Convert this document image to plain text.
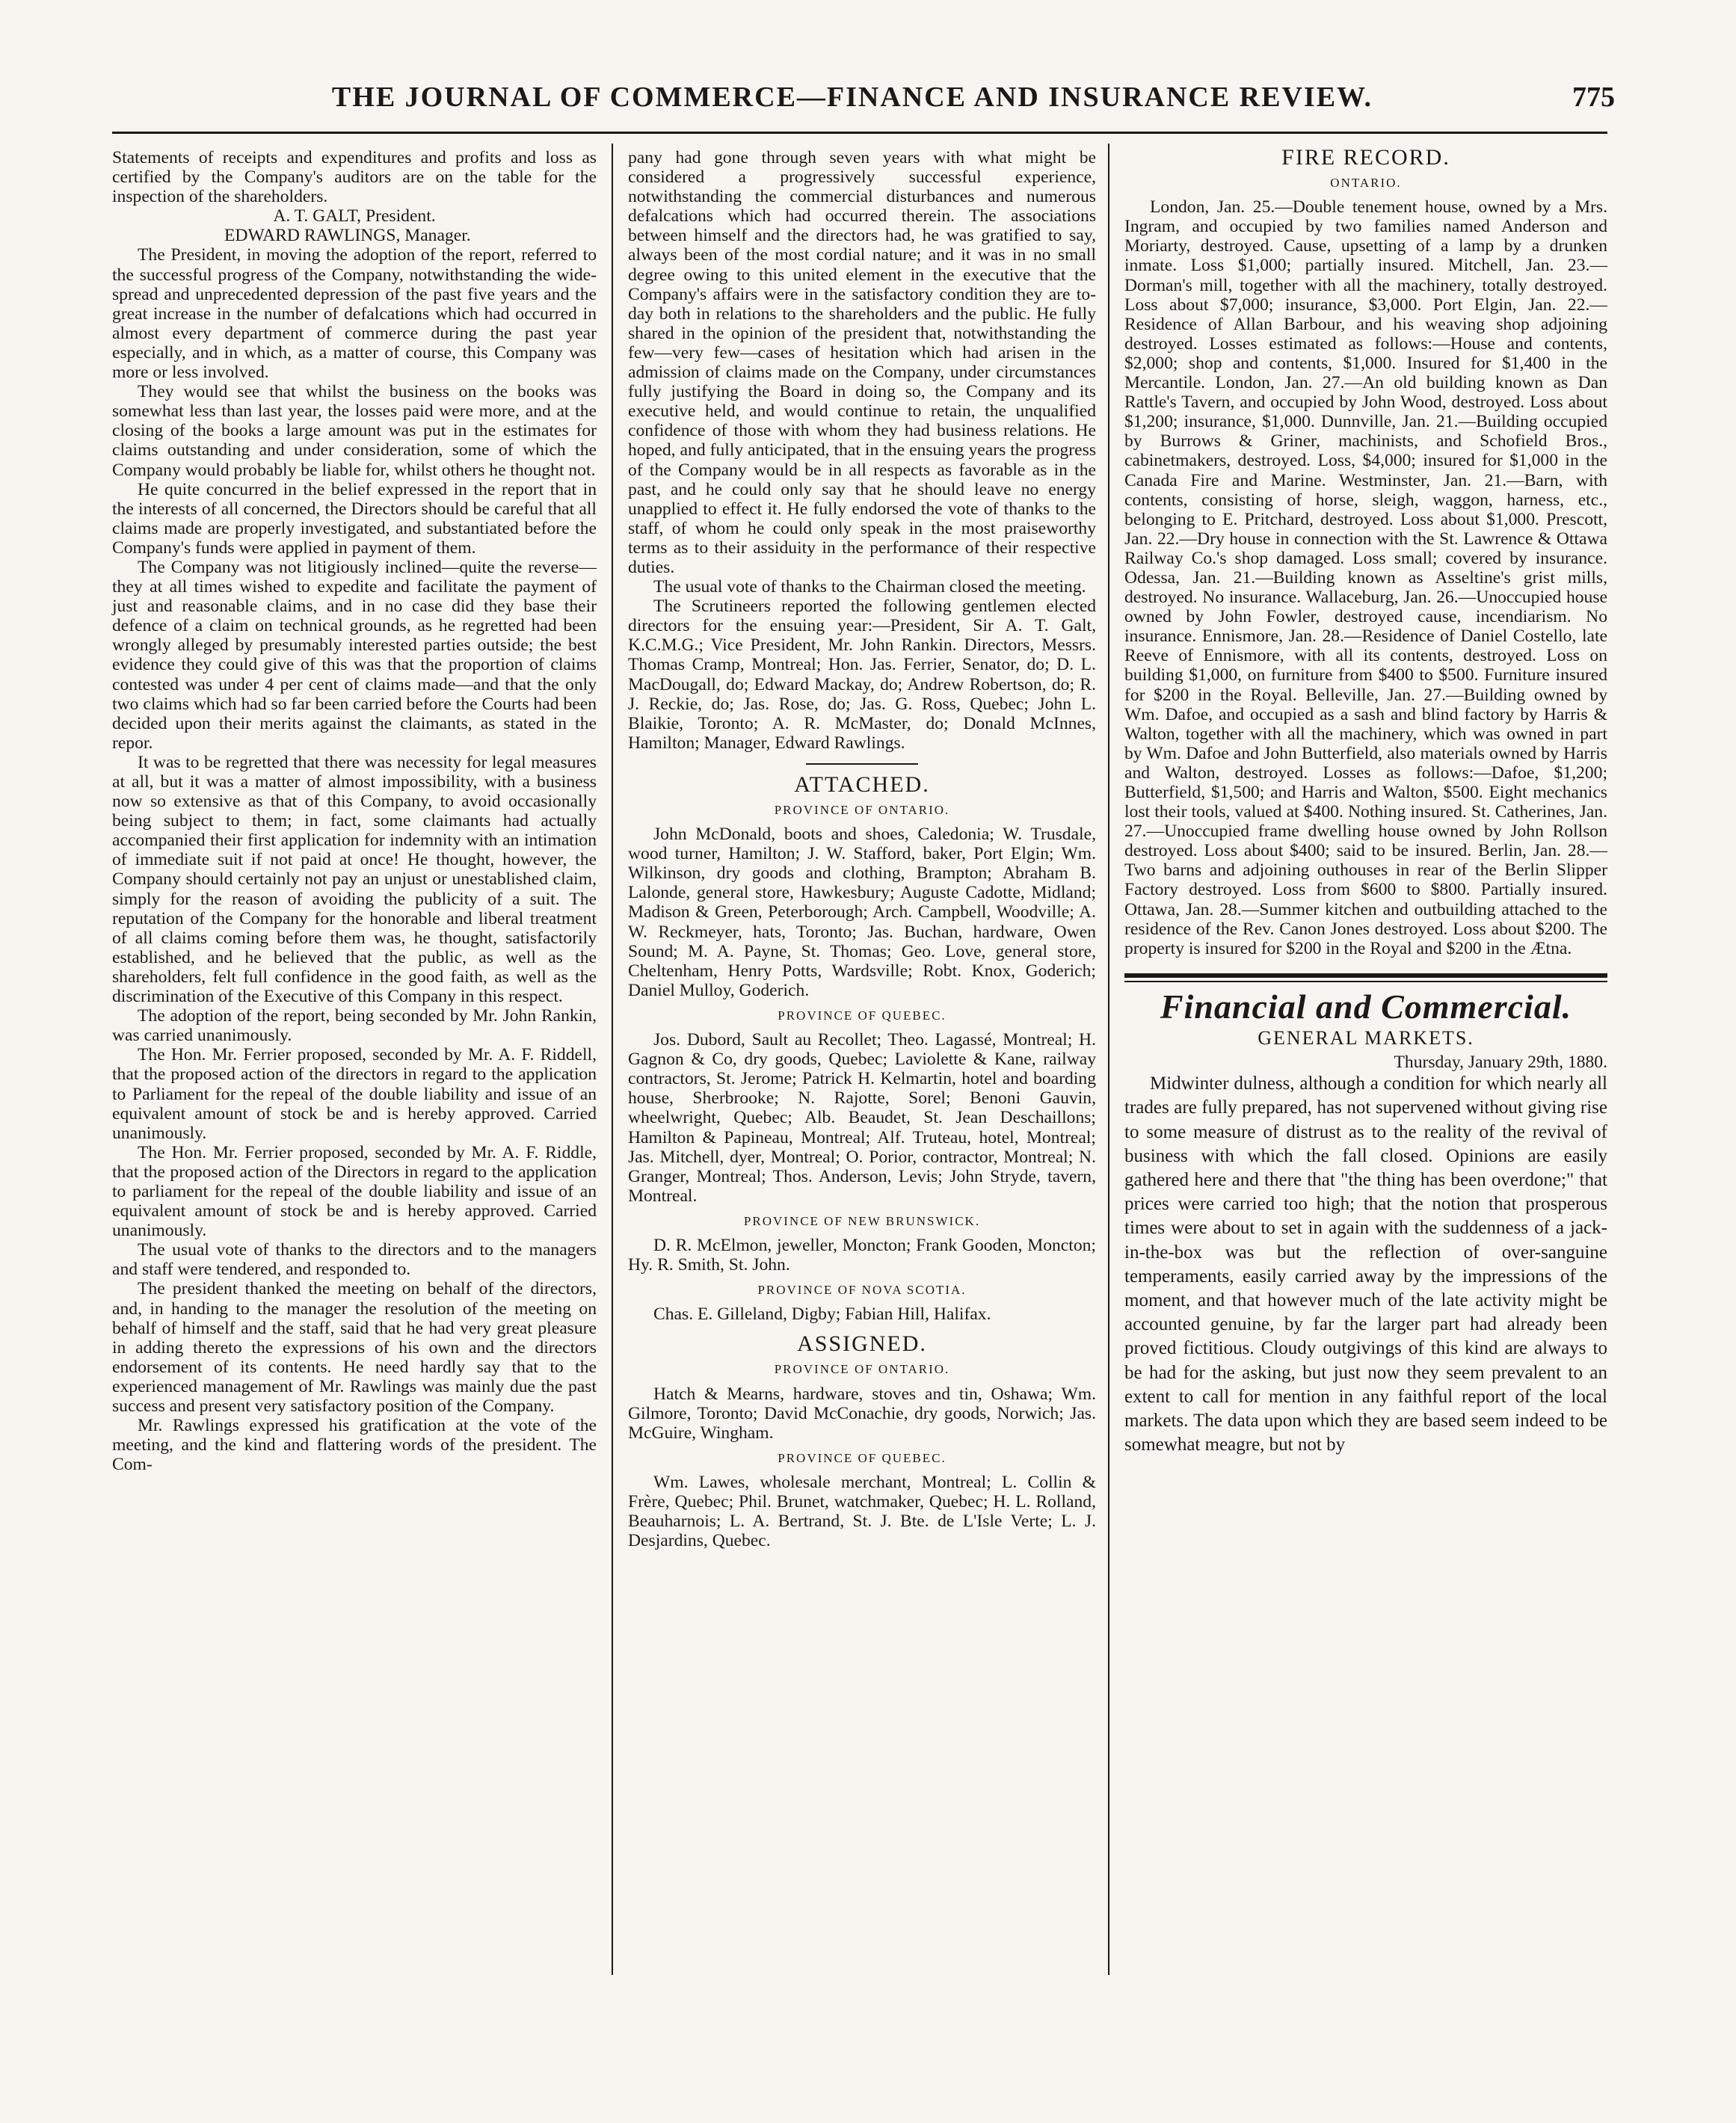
THE JOURNAL OF COMMERCE—FINANCE AND INSURANCE REVIEW.	775

Statements of receipts and expenditures and profits and loss as certified by the Company's auditors are on the table for the inspection of the shareholders.

A. T. GALT, President.

EDWARD RAWLINGS, Manager.

The President, in moving the adoption of the report, referred to the successful progress of the Company, notwithstanding the wide-spread and unprecedented depression of the past five years and the great increase in the number of defalcations which had occurred in almost every department of commerce during the past year especially, and in which, as a matter of course, this Company was more or less involved.

They would see that whilst the business on the books was somewhat less than last year, the losses paid were more, and at the closing of the books a large amount was put in the estimates for claims outstanding and under consideration, some of which the Company would probably be liable for, whilst others he thought not.

He quite concurred in the belief expressed in the report that in the interests of all concerned, the Directors should be careful that all claims made are properly investigated, and substantiated before the Company's funds were applied in payment of them.

The Company was not litigiously inclined—quite the reverse—they at all times wished to expedite and facilitate the payment of just and reasonable claims, and in no case did they base their defence of a claim on technical grounds, as he regretted had been wrongly alleged by presumably interested parties outside; the best evidence they could give of this was that the proportion of claims contested was under 4 per cent of claims made—and that the only two claims which had so far been carried before the Courts had been decided upon their merits against the claimants, as stated in the repor.

It was to be regretted that there was necessity for legal measures at all, but it was a matter of almost impossibility, with a business now so extensive as that of this Company, to avoid occasionally being subject to them; in fact, some claimants had actually accompanied their first application for indemnity with an intimation of immediate suit if not paid at once! He thought, however, the Company should certainly not pay an unjust or unestablished claim, simply for the reason of avoiding the publicity of a suit. The reputation of the Company for the honorable and liberal treatment of all claims coming before them was, he thought, satisfactorily established, and he believed that the public, as well as the shareholders, felt full confidence in the good faith, as well as the discrimination of the Executive of this Company in this respect.

The adoption of the report, being seconded by Mr. John Rankin, was carried unanimously.

The Hon. Mr. Ferrier proposed, seconded by Mr. A. F. Riddell, that the proposed action of the directors in regard to the application to Parliament for the repeal of the double liability and issue of an equivalent amount of stock be and is hereby approved. Carried unanimously.

The Hon. Mr. Ferrier proposed, seconded by Mr. A. F. Riddle, that the proposed action of the Directors in regard to the application to parliament for the repeal of the double liability and issue of an equivalent amount of stock be and is hereby approved. Carried unanimously.

The usual vote of thanks to the directors and to the managers and staff were tendered, and responded to.

The president thanked the meeting on behalf of the directors, and, in handing to the manager the resolution of the meeting on behalf of himself and the staff, said that he had very great pleasure in adding thereto the expressions of his own and the directors endorsement of its contents. He need hardly say that to the experienced management of Mr. Rawlings was mainly due the past success and present very satisfactory position of the Company.

Mr. Rawlings expressed his gratification at the vote of the meeting, and the kind and flattering words of the president. The Com-

pany had gone through seven years with what might be considered a progressively successful experience, notwithstanding the commercial disturbances and numerous defalcations which had occurred therein. The associations between himself and the directors had, he was gratified to say, always been of the most cordial nature; and it was in no small degree owing to this united element in the executive that the Company's affairs were in the satisfactory condition they are to-day both in relations to the shareholders and the public. He fully shared in the opinion of the president that, notwithstanding the few—very few—cases of hesitation which had arisen in the admission of claims made on the Company, under circumstances fully justifying the Board in doing so, the Company and its executive held, and would continue to retain, the unqualified confidence of those with whom they had business relations. He hoped, and fully anticipated, that in the ensuing years the progress of the Company would be in all respects as favorable as in the past, and he could only say that he should leave no energy unapplied to effect it. He fully endorsed the vote of thanks to the staff, of whom he could only speak in the most praiseworthy terms as to their assiduity in the performance of their respective duties.

The usual vote of thanks to the Chairman closed the meeting.

The Scrutineers reported the following gentlemen elected directors for the ensuing year:—President, Sir A. T. Galt, K.C.M.G.; Vice President, Mr. John Rankin. Directors, Messrs. Thomas Cramp, Montreal; Hon. Jas. Ferrier, Senator, do; D. L. MacDougall, do; Edward Mackay, do; Andrew Robertson, do; R. J. Reckie, do; Jas. Rose, do; Jas. G. Ross, Quebec; John L. Blaikie, Toronto; A. R. McMaster, do; Donald McInnes, Hamilton; Manager, Edward Rawlings.

ATTACHED.
PROVINCE OF ONTARIO.

John McDonald, boots and shoes, Caledonia; W. Trusdale, wood turner, Hamilton; J. W. Stafford, baker, Port Elgin; Wm. Wilkinson, dry goods and clothing, Brampton; Abraham B. Lalonde, general store, Hawkesbury; Auguste Cadotte, Midland; Madison & Green, Peterborough; Arch. Campbell, Woodville; A. W. Reckmeyer, hats, Toronto; Jas. Buchan, hardware, Owen Sound; M. A. Payne, St. Thomas; Geo. Love, general store, Cheltenham, Henry Potts, Wardsville; Robt. Knox, Goderich; Daniel Mulloy, Goderich.

PROVINCE OF QUEBEC.

Jos. Dubord, Sault au Recollet; Theo. Lagassé, Montreal; H. Gagnon & Co, dry goods, Quebec; Laviolette & Kane, railway contractors, St. Jerome; Patrick H. Kelmartin, hotel and boarding house, Sherbrooke; N. Rajotte, Sorel; Benoni Gauvin, wheelwright, Quebec; Alb. Beaudet, St. Jean Deschaillons; Hamilton & Papineau, Montreal; Alf. Truteau, hotel, Montreal; Jas. Mitchell, dyer, Montreal; O. Porior, contractor, Montreal; N. Granger, Montreal; Thos. Anderson, Levis; John Stryde, tavern, Montreal.

PROVINCE OF NEW BRUNSWICK.

D. R. McElmon, jeweller, Moncton; Frank Gooden, Moncton; Hy. R. Smith, St. John.

PROVINCE OF NOVA SCOTIA.

Chas. E. Gilleland, Digby; Fabian Hill, Halifax.

ASSIGNED.
PROVINCE OF ONTARIO.

Hatch & Mearns, hardware, stoves and tin, Oshawa; Wm. Gilmore, Toronto; David McConachie, dry goods, Norwich; Jas. McGuire, Wingham.

PROVINCE OF QUEBEC.

Wm. Lawes, wholesale merchant, Montreal; L. Collin & Frère, Quebec; Phil. Brunet, watchmaker, Quebec; H. L. Rolland, Beauharnois; L. A. Bertrand, St. J. Bte. de L'Isle Verte; L. J. Desjardins, Quebec.

FIRE RECORD.
ONTARIO.

London, Jan. 25.—Double tenement house, owned by a Mrs. Ingram, and occupied by two families named Anderson and Moriarty, destroyed. Cause, upsetting of a lamp by a drunken inmate. Loss $1,000; partially insured. Mitchell, Jan. 23.—Dorman's mill, together with all the machinery, totally destroyed. Loss about $7,000; insurance, $3,000. Port Elgin, Jan. 22.—Residence of Allan Barbour, and his weaving shop adjoining destroyed. Losses estimated as follows:—House and contents, $2,000; shop and contents, $1,000. Insured for $1,400 in the Mercantile. London, Jan. 27.—An old building known as Dan Rattle's Tavern, and occupied by John Wood, destroyed. Loss about $1,200; insurance, $1,000. Dunnville, Jan. 21.—Building occupied by Burrows & Griner, machinists, and Schofield Bros., cabinetmakers, destroyed. Loss, $4,000; insured for $1,000 in the Canada Fire and Marine. Westminster, Jan. 21.—Barn, with contents, consisting of horse, sleigh, waggon, harness, etc., belonging to E. Pritchard, destroyed. Loss about $1,000. Prescott, Jan. 22.—Dry house in connection with the St. Lawrence & Ottawa Railway Co.'s shop damaged. Loss small; covered by insurance. Odessa, Jan. 21.—Building known as Asseltine's grist mills, destroyed. No insurance. Wallaceburg, Jan. 26.—Unoccupied house owned by John Fowler, destroyed cause, incendiarism. No insurance. Ennismore, Jan. 28.—Residence of Daniel Costello, late Reeve of Ennismore, with all its contents, destroyed. Loss on building $1,000, on furniture from $400 to $500. Furniture insured for $200 in the Royal. Belleville, Jan. 27.—Building owned by Wm. Dafoe, and occupied as a sash and blind factory by Harris & Walton, together with all the machinery, which was owned in part by Wm. Dafoe and John Butterfield, also materials owned by Harris and Walton, destroyed. Losses as follows:—Dafoe, $1,200; Butterfield, $1,500; and Harris and Walton, $500. Eight mechanics lost their tools, valued at $400. Nothing insured. St. Catherines, Jan. 27.—Unoccupied frame dwelling house owned by John Rollson destroyed. Loss about $400; said to be insured. Berlin, Jan. 28.—Two barns and adjoining outhouses in rear of the Berlin Slipper Factory destroyed. Loss from $600 to $800. Partially insured. Ottawa, Jan. 28.—Summer kitchen and outbuilding attached to the residence of the Rev. Canon Jones destroyed. Loss about $200. The property is insured for $200 in the Royal and $200 in the Ætna.

Financial and Commercial.
GENERAL MARKETS.

Thursday, January 29th, 1880.

Midwinter dulness, although a condition for which nearly all trades are fully prepared, has not supervened without giving rise to some measure of distrust as to the reality of the revival of business with which the fall closed. Opinions are easily gathered here and there that "the thing has been overdone;" that prices were carried too high; that the notion that prosperous times were about to set in again with the suddenness of a jack-in-the-box was but the reflection of over-sanguine temperaments, easily carried away by the impressions of the moment, and that however much of the late activity might be accounted genuine, by far the larger part had already been proved fictitious. Cloudy outgivings of this kind are always to be had for the asking, but just now they seem prevalent to an extent to call for mention in any faithful report of the local markets. The data upon which they are based seem indeed to be somewhat meagre, but not by
